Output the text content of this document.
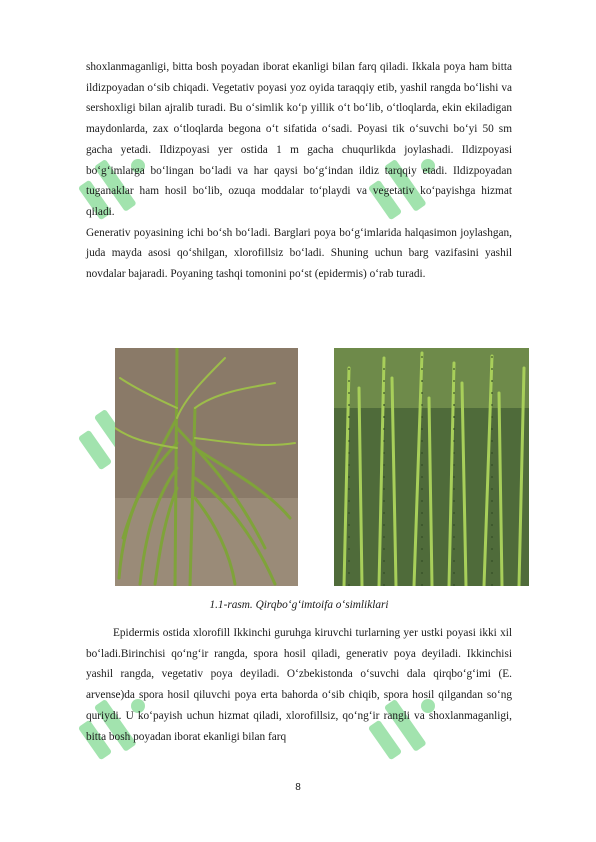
shoxlanmaganligi, bitta bosh poyadan iborat ekanligi bilan farq qiladi. Ikkala poya ham bitta ildizpoyadan o‘sib chiqadi. Vegetativ poyasi yoz oyida taraqqiy etib, yashil rangda bo‘lishi va sershoxligi bilan ajralib turadi. Bu o‘simlik ko‘p yillik o‘t bo‘lib, o‘tloqlarda, ekin ekiladigan maydonlarda, zax o‘tloqlarda begona o‘t sifatida o‘sadi. Poyasi tik o‘suvchi bo‘yi 50 sm gacha yetadi. Ildizpoyasi yer ostida 1 m gacha chuqurlikda joylashadi. Ildizpoyasi bo‘g‘imlarga bo‘lingan bo‘ladi va har qaysi bo‘g‘indan ildiz tarqqiy etadi. Ildizpoyadan tuganaklar ham hosil bo‘lib, ozuqa moddalar to‘playdi va vegetativ ko‘payishga hizmat qiladi.

Generativ poyasining ichi bo‘sh bo‘ladi. Barglari poya bo‘g‘imlarida halqasimon joylashgan, juda mayda asosi qo‘shilgan, xlorofillsiz bo‘ladi. Shuning uchun barg vazifasini yashil novdalar bajaradi. Poyaning tashqi tomonini po‘st (epidermis) o‘rab turadi.

1.1-rasm. Qirqbo‘g‘imtoifa o‘simliklari

Epidermis ostida xlorofill Ikkinchi guruhga kiruvchi turlarning yer ustki poyasi ikki xil bo‘ladi.Birinchisi qo‘ng‘ir rangda, spora hosil qiladi, generativ poya deyiladi. Ikkinchisi yashil rangda, vegetativ poya deyiladi. O‘zbekistonda o‘suvchi dala qirqbo‘g‘imi (E. arvense)da spora hosil qiluvchi poya erta bahorda o‘sib chiqib, spora hosil qilgandan so‘ng quriydi. U ko‘payish uchun hizmat qiladi, xlorofillsiz, qo‘ng‘ir rangli va shoxlanmaganligi, bitta bosh poyadan iborat ekanligi bilan farq

8
